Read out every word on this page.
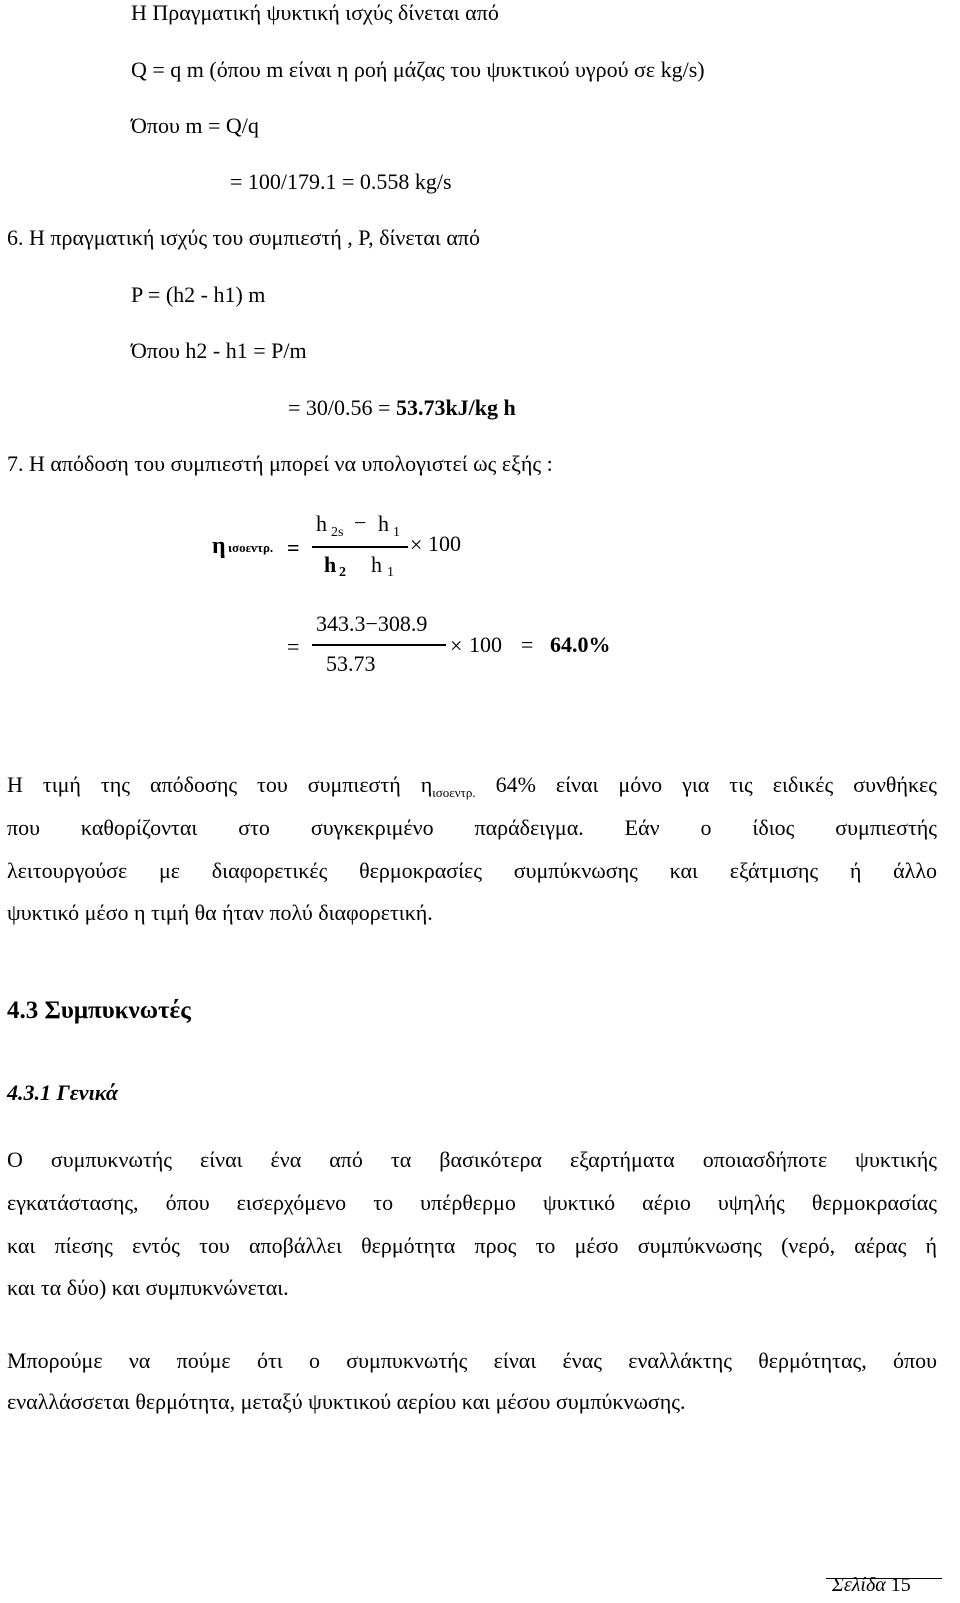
Η Πραγματική ψυκτική ισχύς δίνεται από
Q = q m (όπου m είναι η ροή μάζας του ψυκτικού υγρού σε kg/s)
Όπου m = Q/q
= 100/179.1 = 0.558 kg/s
6. Η πραγματική ισχύς του συμπιεστή , P, δίνεται από
P = (h2 - h1) m
Όπου h2 - h1 = P/m
= 30/0.56 = 53.73kJ/kg h
7. Η απόδοση του συμπιεστή μπορεί να υπολογιστεί ως εξής :
η ισοεντρ. =
h 2s − h 1
h 2 h 1
× 100
=
343.3−308.9
53.73
× 100 = 64.0%
Η τιμή της απόδοσης του συμπιεστή $\eta_{\iota\sigma o\varepsilon\nu\tau\rho.}$ 64% είναι μόνο για τις ειδικές συνθήκες
που καθορίζονται στο συγκεκριμένο παράδειγμα. Εάν ο ίδιος συμπιεστής
λειτουργούσε με διαφορετικές θερμοκρασίες συμπύκνωσης και εξάτμισης ή άλλο
ψυκτικό μέσο η τιμή θα ήταν πολύ διαφορετική.
4.3 Συμπυκνωτές
4.3.1 Γενικά
Ο συμπυκνωτής είναι ένα από τα βασικότερα εξαρτήματα οποιασδήποτε ψυκτικής
εγκατάστασης, όπου εισερχόμενο το υπέρθερμο ψυκτικό αέριο υψηλής θερμοκρασίας
και πίεσης εντός του αποβάλλει θερμότητα προς το μέσο συμπύκνωσης (νερό, αέρας ή
και τα δύο) και συμπυκνώνεται.
Μπορούμε να πούμε ότι ο συμπυκνωτής είναι ένας εναλλάκτης θερμότητας, όπου
εναλλάσσεται θερμότητα, μεταξύ ψυκτικού αερίου και μέσου συμπύκνωσης.
Σελίδα 15
